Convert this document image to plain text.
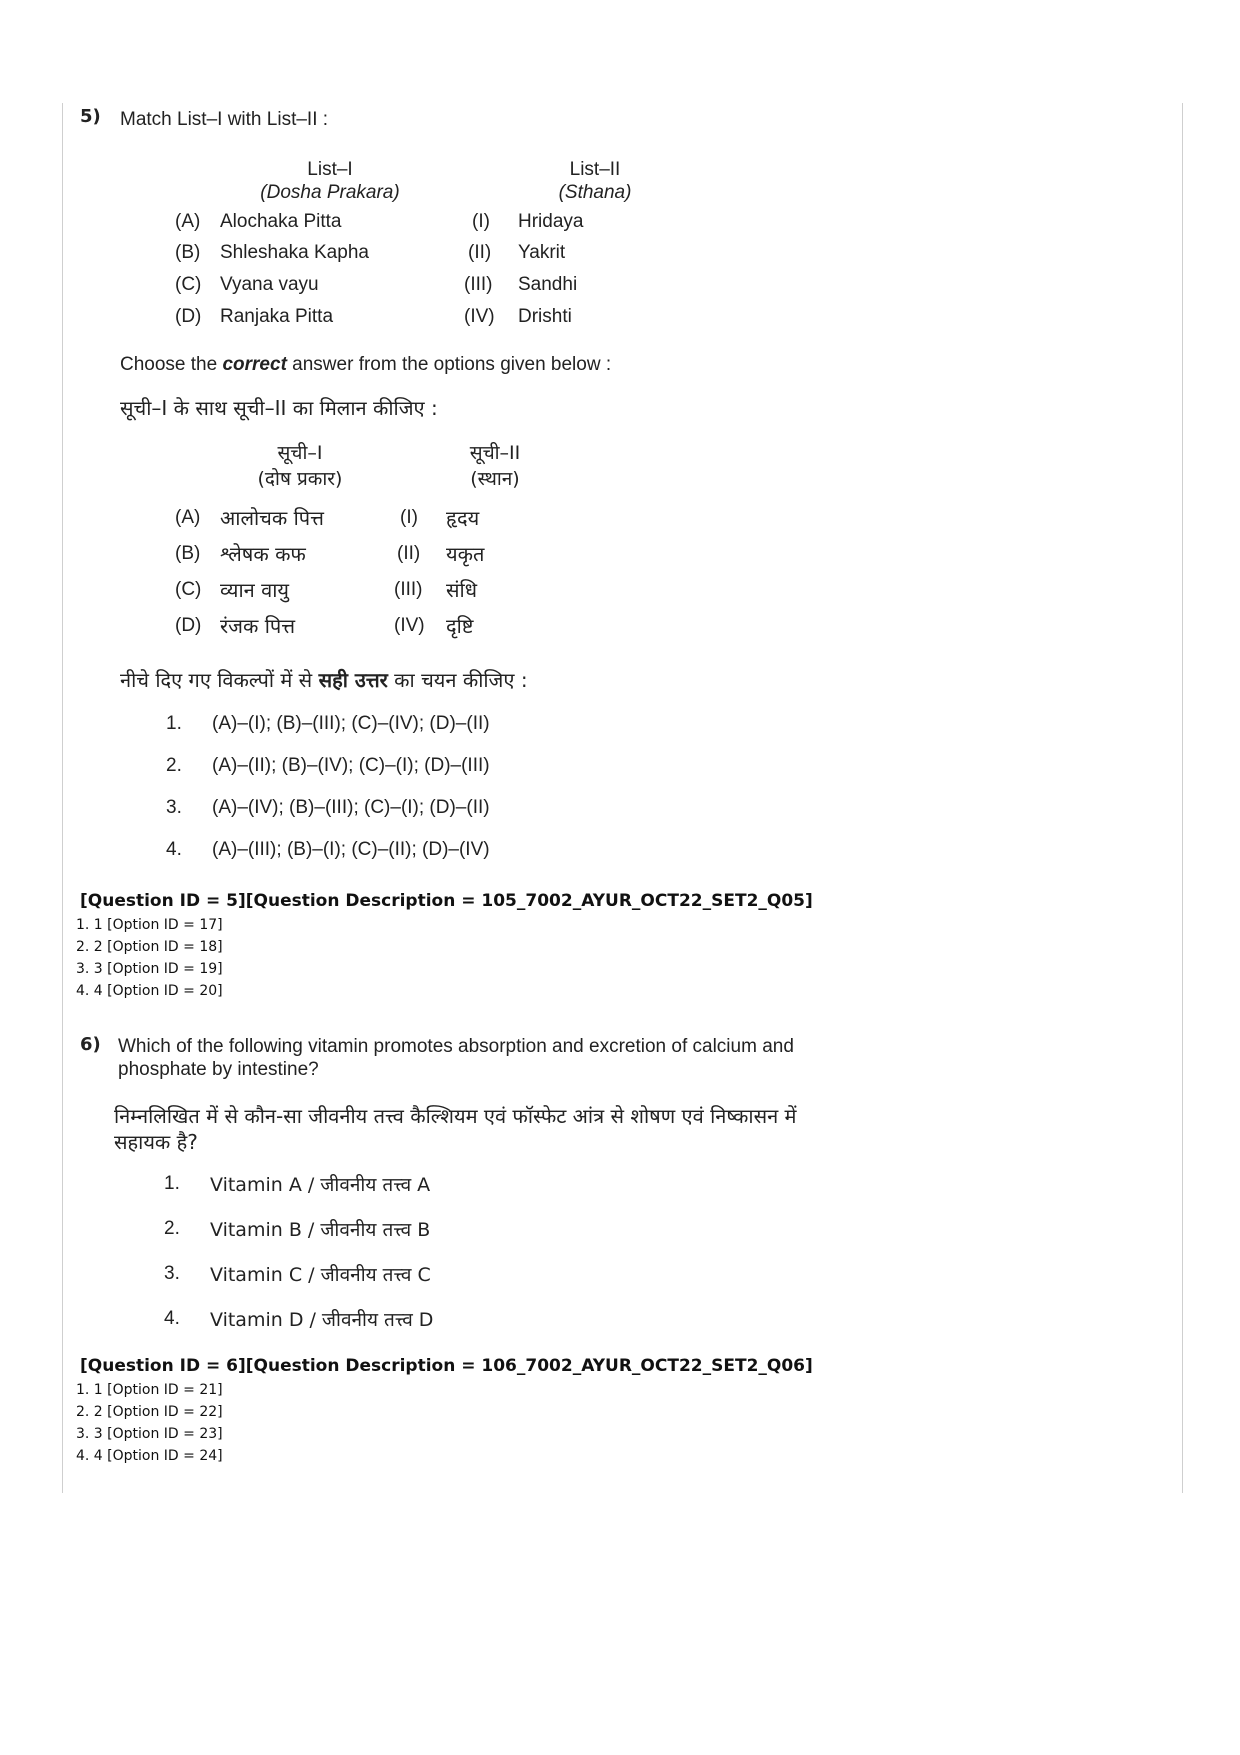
5) Match List–I with List–II :
List–I
(Dosha Prakara)
List–II
(Sthana)
(A) Alochaka Pitta	(I) Hridaya
(B) Shleshaka Kapha	(II) Yakrit
(C) Vyana vayu	(III) Sandhi
(D) Ranjaka Pitta	(IV) Drishti
Choose the correct answer from the options given below :
सूची–I के साथ सूची–II का मिलान कीजिए :
सूची–I
(दोष प्रकार)
सूची–II
(स्थान)
(A) आलोचक पित्त	(I) हृदय
(B) श्लेषक कफ	(II) यकृत
(C) व्यान वायु	(III) संधि
(D) रंजक पित्त	(IV) दृष्टि
नीचे दिए गए विकल्पों में से सही उत्तर का चयन कीजिए :
1. (A)–(I); (B)–(III); (C)–(IV); (D)–(II)
2. (A)–(II); (B)–(IV); (C)–(I); (D)–(III)
3. (A)–(IV); (B)–(III); (C)–(I); (D)–(II)
4. (A)–(III); (B)–(I); (C)–(II); (D)–(IV)
[Question ID = 5][Question Description = 105_7002_AYUR_OCT22_SET2_Q05]
1. 1 [Option ID = 17]
2. 2 [Option ID = 18]
3. 3 [Option ID = 19]
4. 4 [Option ID = 20]
6) Which of the following vitamin promotes absorption and excretion of calcium and
phosphate by intestine?
निम्नलिखित में से कौन-सा जीवनीय तत्त्व कैल्शियम एवं फॉस्फेट आंत्र से शोषण एवं निष्कासन में
सहायक है?
1. Vitamin A / जीवनीय तत्त्व A
2. Vitamin B / जीवनीय तत्त्व B
3. Vitamin C / जीवनीय तत्त्व C
4. Vitamin D / जीवनीय तत्त्व D
[Question ID = 6][Question Description = 106_7002_AYUR_OCT22_SET2_Q06]
1. 1 [Option ID = 21]
2. 2 [Option ID = 22]
3. 3 [Option ID = 23]
4. 4 [Option ID = 24]
